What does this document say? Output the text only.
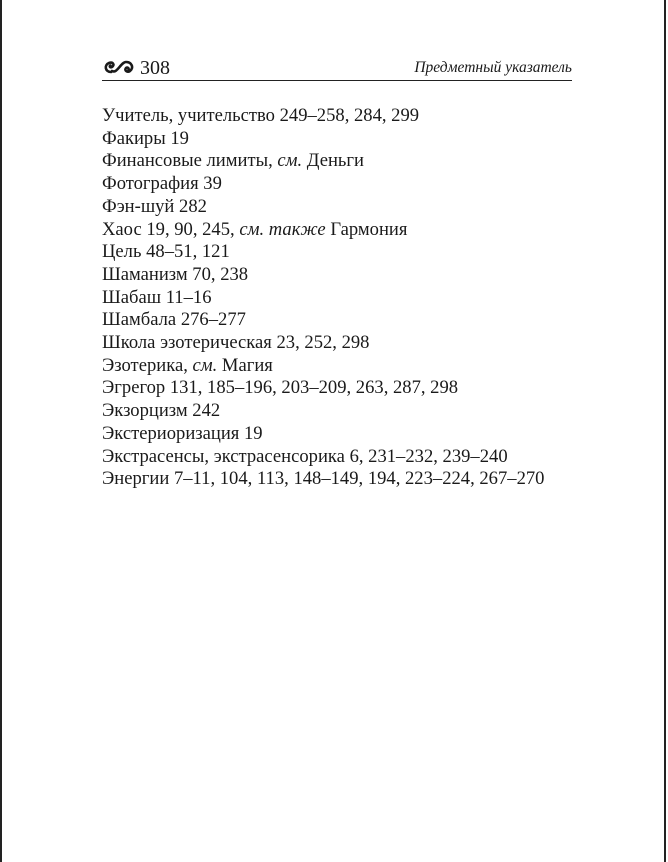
308	Предметный указатель
Учитель, учительство 249–258, 284, 299
Факиры 19
Финансовые лимиты, см. Деньги
Фотография 39
Фэн-шуй 282
Хаос 19, 90, 245, см. также Гармония
Цель 48–51, 121
Шаманизм 70, 238
Шабаш 11–16
Шамбала 276–277
Школа эзотерическая 23, 252, 298
Эзотерика, см. Магия
Эгрегор 131, 185–196, 203–209, 263, 287, 298
Экзорцизм 242
Экстериоризация 19
Экстрасенсы, экстрасенсорика 6, 231–232, 239–240
Энергии 7–11, 104, 113, 148–149, 194, 223–224, 267–270
